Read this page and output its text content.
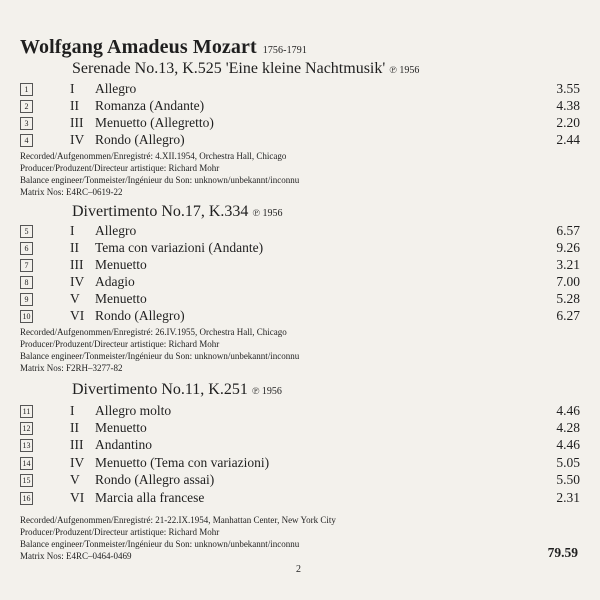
Wolfgang Amadeus Mozart 1756-1791
Serenade No.13, K.525 'Eine kleine Nachtmusik' ℗ 1956
1	I	Allegro	3.55
2	II	Romanza (Andante)	4.38
3	III Menuetto (Allegretto)	2.20
4	IV Rondo (Allegro)	2.44
Recorded/Aufgenommen/Enregistré: 4.XII.1954, Orchestra Hall, Chicago
Producer/Produzent/Directeur artistique: Richard Mohr
Balance engineer/Tonmeister/Ingénieur du Son: unknown/unbekannt/inconnu
Matrix Nos: E4RC–0619-22
Divertimento No.17, K.334 ℗ 1956
5	I	Allegro	6.57
6	II	Tema con variazioni (Andante)	9.26
7	III Menuetto	3.21
8	IV Adagio	7.00
9	V	Menuetto	5.28
10	VI Rondo (Allegro)	6.27
Recorded/Aufgenommen/Enregistré: 26.IV.1955, Orchestra Hall, Chicago
Producer/Produzent/Directeur artistique: Richard Mohr
Balance engineer/Tonmeister/Ingénieur du Son: unknown/unbekannt/inconnu
Matrix Nos: F2RH–3277-82
Divertimento No.11, K.251 ℗ 1956
11	I	Allegro molto	4.46
12	II	Menuetto	4.28
13	III Andantino	4.46
14	IV Menuetto (Tema con variazioni)	5.05
15	V	Rondo (Allegro assai)	5.50
16	VI Marcia alla francese	2.31
Recorded/Aufgenommen/Enregistré: 21-22.IX.1954, Manhattan Center, New York City
Producer/Produzent/Directeur artistique: Richard Mohr
Balance engineer/Tonmeister/Ingénieur du Son: unknown/unbekannt/inconnu
Matrix Nos: E4RC–0464-0469	79.59
2
